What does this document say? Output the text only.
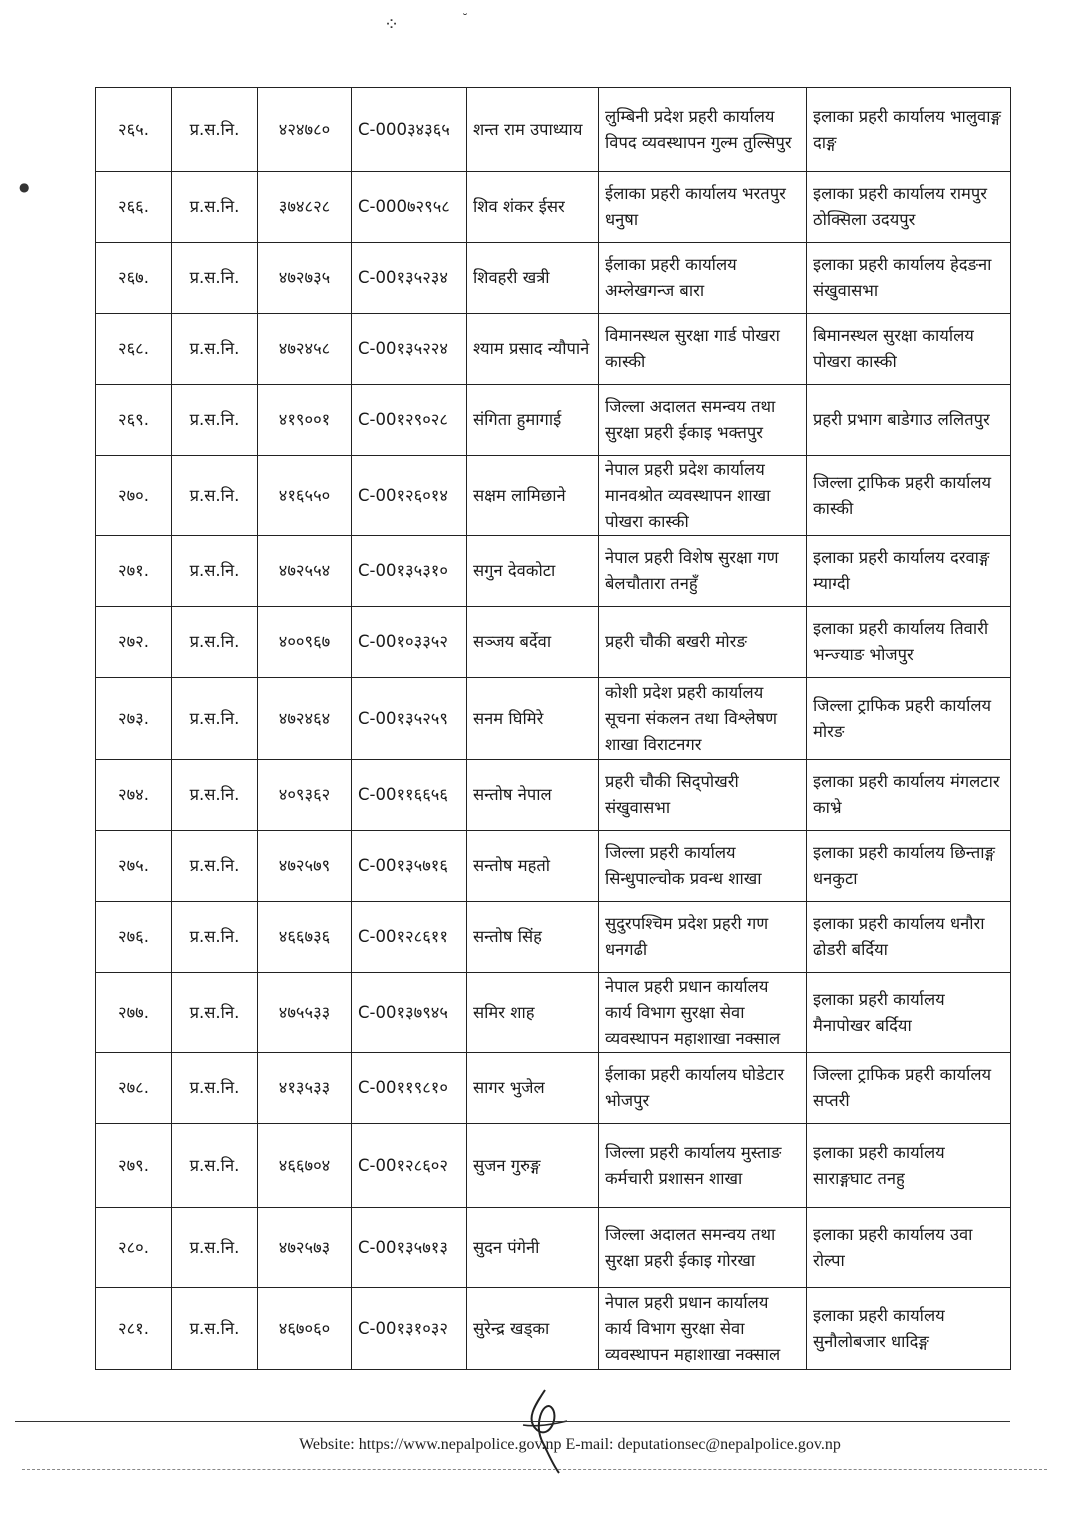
⁘	˘
●
२६५.	प्र.स.नि.	४२४७८०	C-000३४३६५	शन्त राम उपाध्याय	लुम्बिनी प्रदेश प्रहरी कार्यालय विपद व्यवस्थापन गुल्म तुल्सिपुर	इलाका प्रहरी कार्यालय भालुवाङ्ग दाङ्ग
२६६.	प्र.स.नि.	३७४८२८	C-000७२९५८	शिव शंकर ईसर	ईलाका प्रहरी कार्यालय भरतपुर धनुषा	इलाका प्रहरी कार्यालय रामपुर ठोक्सिला उदयपुर
२६७.	प्र.स.नि.	४७२७३५	C-00१३५२३४	शिवहरी खत्री	ईलाका प्रहरी कार्यालय अम्लेखगन्ज बारा	इलाका प्रहरी कार्यालय हेदङना संखुवासभा
२६८.	प्र.स.नि.	४७२४५८	C-00१३५२२४	श्याम प्रसाद न्यौपाने	विमानस्थल सुरक्षा गार्ड पोखरा कास्की	बिमानस्थल सुरक्षा कार्यालय पोखरा कास्की
२६९.	प्र.स.नि.	४१९००१	C-00१२९०२८	संगिता हुमागाई	जिल्ला अदालत समन्वय तथा सुरक्षा प्रहरी ईकाइ भक्तपुर	प्रहरी प्रभाग बाडेगाउ ललितपुर
२७०.	प्र.स.नि.	४१६५५०	C-00१२६०१४	सक्षम लामिछाने	नेपाल प्रहरी प्रदेश कार्यालय मानवश्रोत व्यवस्थापन शाखा पोखरा कास्की	जिल्ला ट्राफिक प्रहरी कार्यालय कास्की
२७१.	प्र.स.नि.	४७२५५४	C-00१३५३१०	सगुन देवकोटा	नेपाल प्रहरी विशेष सुरक्षा गण बेलचौतारा तनहुँ	इलाका प्रहरी कार्यालय दरवाङ्ग म्याग्दी
२७२.	प्र.स.नि.	४००९६७	C-00१०३३५२	सञ्जय बर्देवा	प्रहरी चौकी बखरी मोरङ	इलाका प्रहरी कार्यालय तिवारी भन्ज्याङ भोजपुर
२७३.	प्र.स.नि.	४७२४६४	C-00१३५२५९	सनम घिमिरे	कोशी प्रदेश प्रहरी कार्यालय सूचना संकलन तथा विश्लेषण शाखा विराटनगर	जिल्ला ट्राफिक प्रहरी कार्यालय मोरङ
२७४.	प्र.स.नि.	४०९३६२	C-00११६६५६	सन्तोष नेपाल	प्रहरी चौकी सिद्पोखरी संखुवासभा	इलाका प्रहरी कार्यालय मंगलटार काभ्रे
२७५.	प्र.स.नि.	४७२५७९	C-00१३५७१६	सन्तोष महतो	जिल्ला प्रहरी कार्यालय सिन्धुपाल्चोक प्रवन्ध शाखा	इलाका प्रहरी कार्यालय छिन्ताङ्ग धनकुटा
२७६.	प्र.स.नि.	४६६७३६	C-00१२८६११	सन्तोष सिंह	सुदुरपश्चिम प्रदेश प्रहरी गण धनगढी	इलाका प्रहरी कार्यालय धनौरा ढोडरी बर्दिया
२७७.	प्र.स.नि.	४७५५३३	C-00१३७९४५	समिर शाह	नेपाल प्रहरी प्रधान कार्यालय कार्य विभाग सुरक्षा सेवा व्यवस्थापन महाशाखा नक्साल	इलाका प्रहरी कार्यालय मैनापोखर बर्दिया
२७८.	प्र.स.नि.	४१३५३३	C-00११९८१०	सागर भुजेल	ईलाका प्रहरी कार्यालय घोडेटार भोजपुर	जिल्ला ट्राफिक प्रहरी कार्यालय सप्तरी
२७९.	प्र.स.नि.	४६६७०४	C-00१२८६०२	सुजन गुरुङ्ग	जिल्ला प्रहरी कार्यालय मुस्ताङ कर्मचारी प्रशासन शाखा	इलाका प्रहरी कार्यालय साराङ्गघाट तनहु
२८०.	प्र.स.नि.	४७२५७३	C-00१३५७१३	सुदन पंगेनी	जिल्ला अदालत समन्वय तथा सुरक्षा प्रहरी ईकाइ गोरखा	इलाका प्रहरी कार्यालय उवा रोल्पा
२८१.	प्र.स.नि.	४६७०६०	C-00१३१०३२	सुरेन्द्र खड्का	नेपाल प्रहरी प्रधान कार्यालय कार्य विभाग सुरक्षा सेवा व्यवस्थापन महाशाखा नक्साल	इलाका प्रहरी कार्यालय सुनौलोबजार धादिङ्ग
Website: https://www.nepalpolice.gov.np E-mail: deputationsec@nepalpolice.gov.np
